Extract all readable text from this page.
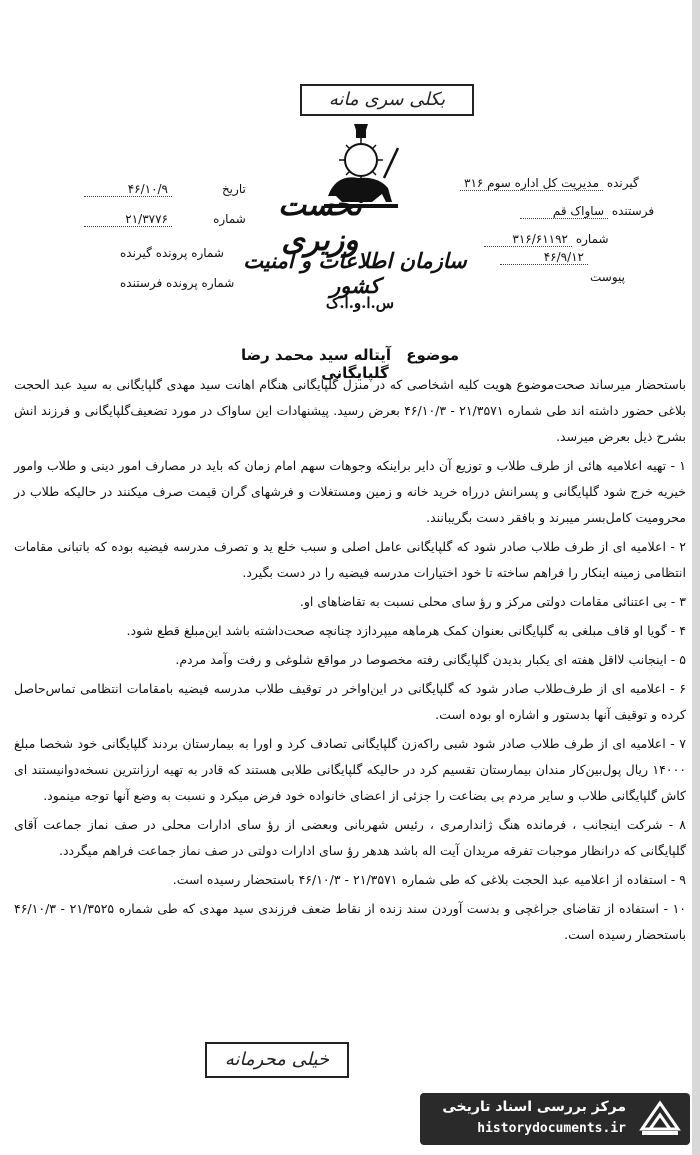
بکلی سری مانه
نخست وزیری
سازمان اطلاعات و امنیت کشور
س.ا.و.ا.ک
تاریخ ۴۶/۱۰/۹
شماره ۲۱/۳۷۷۶
شماره پرونده گیرنده
شماره پرونده فرستنده
گیرنده مدیریت کل اداره سوم ۳۱۶
فرستنده ساواک قم
شماره ۳۱۶/۶۱۱۹۲
۴۶/۹/۱۲
پیوست
موضوع آیتاله سید محمد رضا گلپایگانی

باستحضار میرساند صحت‌موضوع هویت کلیه اشخاصی که در منزل گلپایگانی هنگام اهانت سید مهدی گلپایگانی به سید عبد الحجت بلاغی حضور داشته اند طی شماره ۲۱/۳۵۷۱ - ۴۶/۱۰/۳ بعرض رسید. پیشنهادات این ساواک در مورد تضعیف‌گلپایگانی و فرزند انش بشرح ذیل بعرض میرسد.

۱ - تهیه اعلامیه هائی از طرف طلاب و توزیع آن دایر براینکه وجوهات سهم امام زمان که باید در مصارف امور دینی و طلاب وامور خیریه خرج شود گلپایگانی و پسرانش درراه خرید خانه و زمین ومستغلات و فرشهای گران قیمت صرف میکنند در حالیکه طلاب در محرومیت کامل‌بسر میبرند و بافقر دست بگریبانند.

۲ - اعلامیه ای از طرف طلاب صادر شود که گلپایگانی عامل اصلی و سبب خلع ید و تصرف مدرسه فیضیه بوده که باتبانی مقامات انتظامی زمینه اینکار را فراهم ساخته تا خود اختیارات مدرسه فیضیه را در دست بگیرد.

۳ - بی اعتنائی مقامات دولتی مرکز و رؤ سای محلی نسبت به تقاضاهای او.

۴ - گویا او قاف مبلغی به گلپایگانی بعنوان کمک هرماهه میپردازد چنانچه صحت‌داشته باشد این‌مبلغ قطع شود.

۵ - اینجانب لااقل هفته ای یکبار بدیدن گلپایگانی رفته مخصوصا در مواقع شلوغی و رفت وآمد مردم.

۶ - اعلامیه ای از طرف‌طلاب صادر شود که گلپایگانی در این‌اواخر در توقیف طلاب مدرسه فیضیه بامقامات انتظامی تماس‌حاصل کرده و توقیف آنها بدستور و اشاره او بوده است.

۷ - اعلامیه ای از طرف طلاب صادر شود شبی راکه‌زن گلپایگانی تصادف کرد و اورا به بیمارستان بردند گلپایگانی خود شخصا مبلغ ۱۴۰۰۰ ریال پول‌بین‌کار مندان بیمارستان تقسیم کرد در حالیکه گلپایگانی طلابی هستند که قادر به تهیه ارزانترین نسخه‌دوانیستند ای کاش گلپایگانی طلاب و سایر مردم بی بضاعت را جزئی از اعضای خانواده خود فرض میکرد و نسبت به وضع آنها توجه مینمود.

۸ - شرکت اینجانب ، فرمانده هنگ ژاندارمری ، رئیس شهربانی وبعضی از رؤ سای ادارات محلی در صف نماز جماعت آقای گلپایگانی که درانظار موجبات تفرقه مریدان آیت اله باشد هدهر رؤ سای ادارات دولتی در صف نماز جماعت فراهم میگردد.

۹ - استفاده از اعلامیه‌ عبد الحجت بلاغی که طی شماره ۲۱/۳۵۷۱ - ۴۶/۱۰/۳ باستحضار رسیده است.

۱۰ - استفاده از تقاضای جراغچی و بدست آوردن سند زنده از نقاط ضعف فرزندی سید مهدی که طی شماره ۲۱/۳۵۲۵ - ۴۶/۱۰/۳ باستحضار رسیده است.

خیلی محرمانه
مرکز بررسی اسناد تاریخی
historydocuments.ir
